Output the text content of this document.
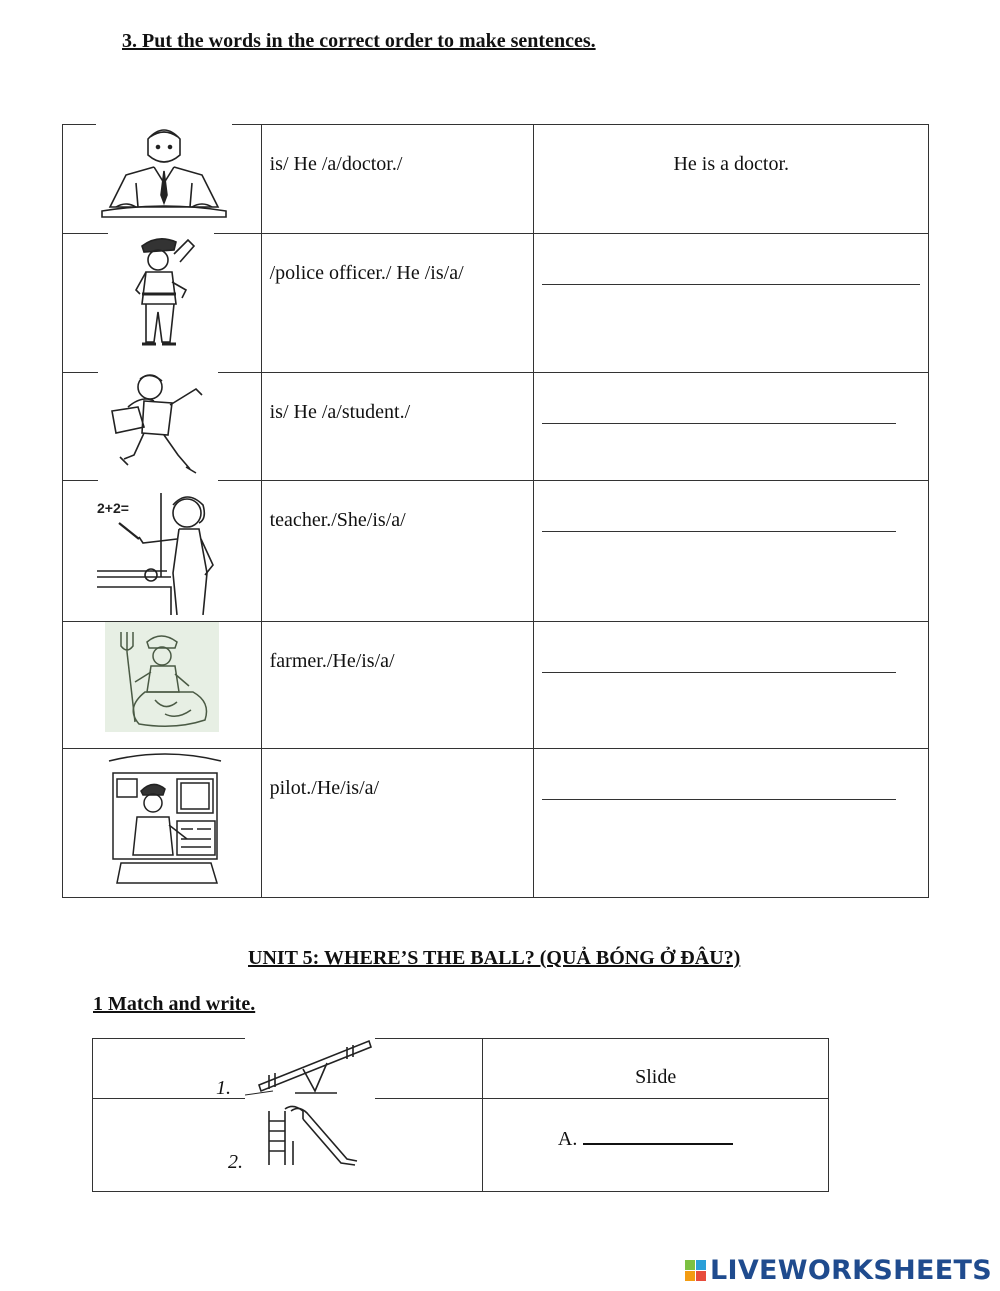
3. Put the words in the correct order to make sentences.

is/ He /a/doctor./	He is a doctor.

/police officer./ He /is/a/	

is/ He /a/student./	

2+2=	teacher./She/is/a/	

farmer./He/is/a/	

pilot./He/is/a/	

UNIT 5: WHERE’S THE BALL? (QUẢ BÓNG Ở ĐÂU?)
1 Match and write.
1.	Slide

2.	A.
LIVEWORKSHEETS
